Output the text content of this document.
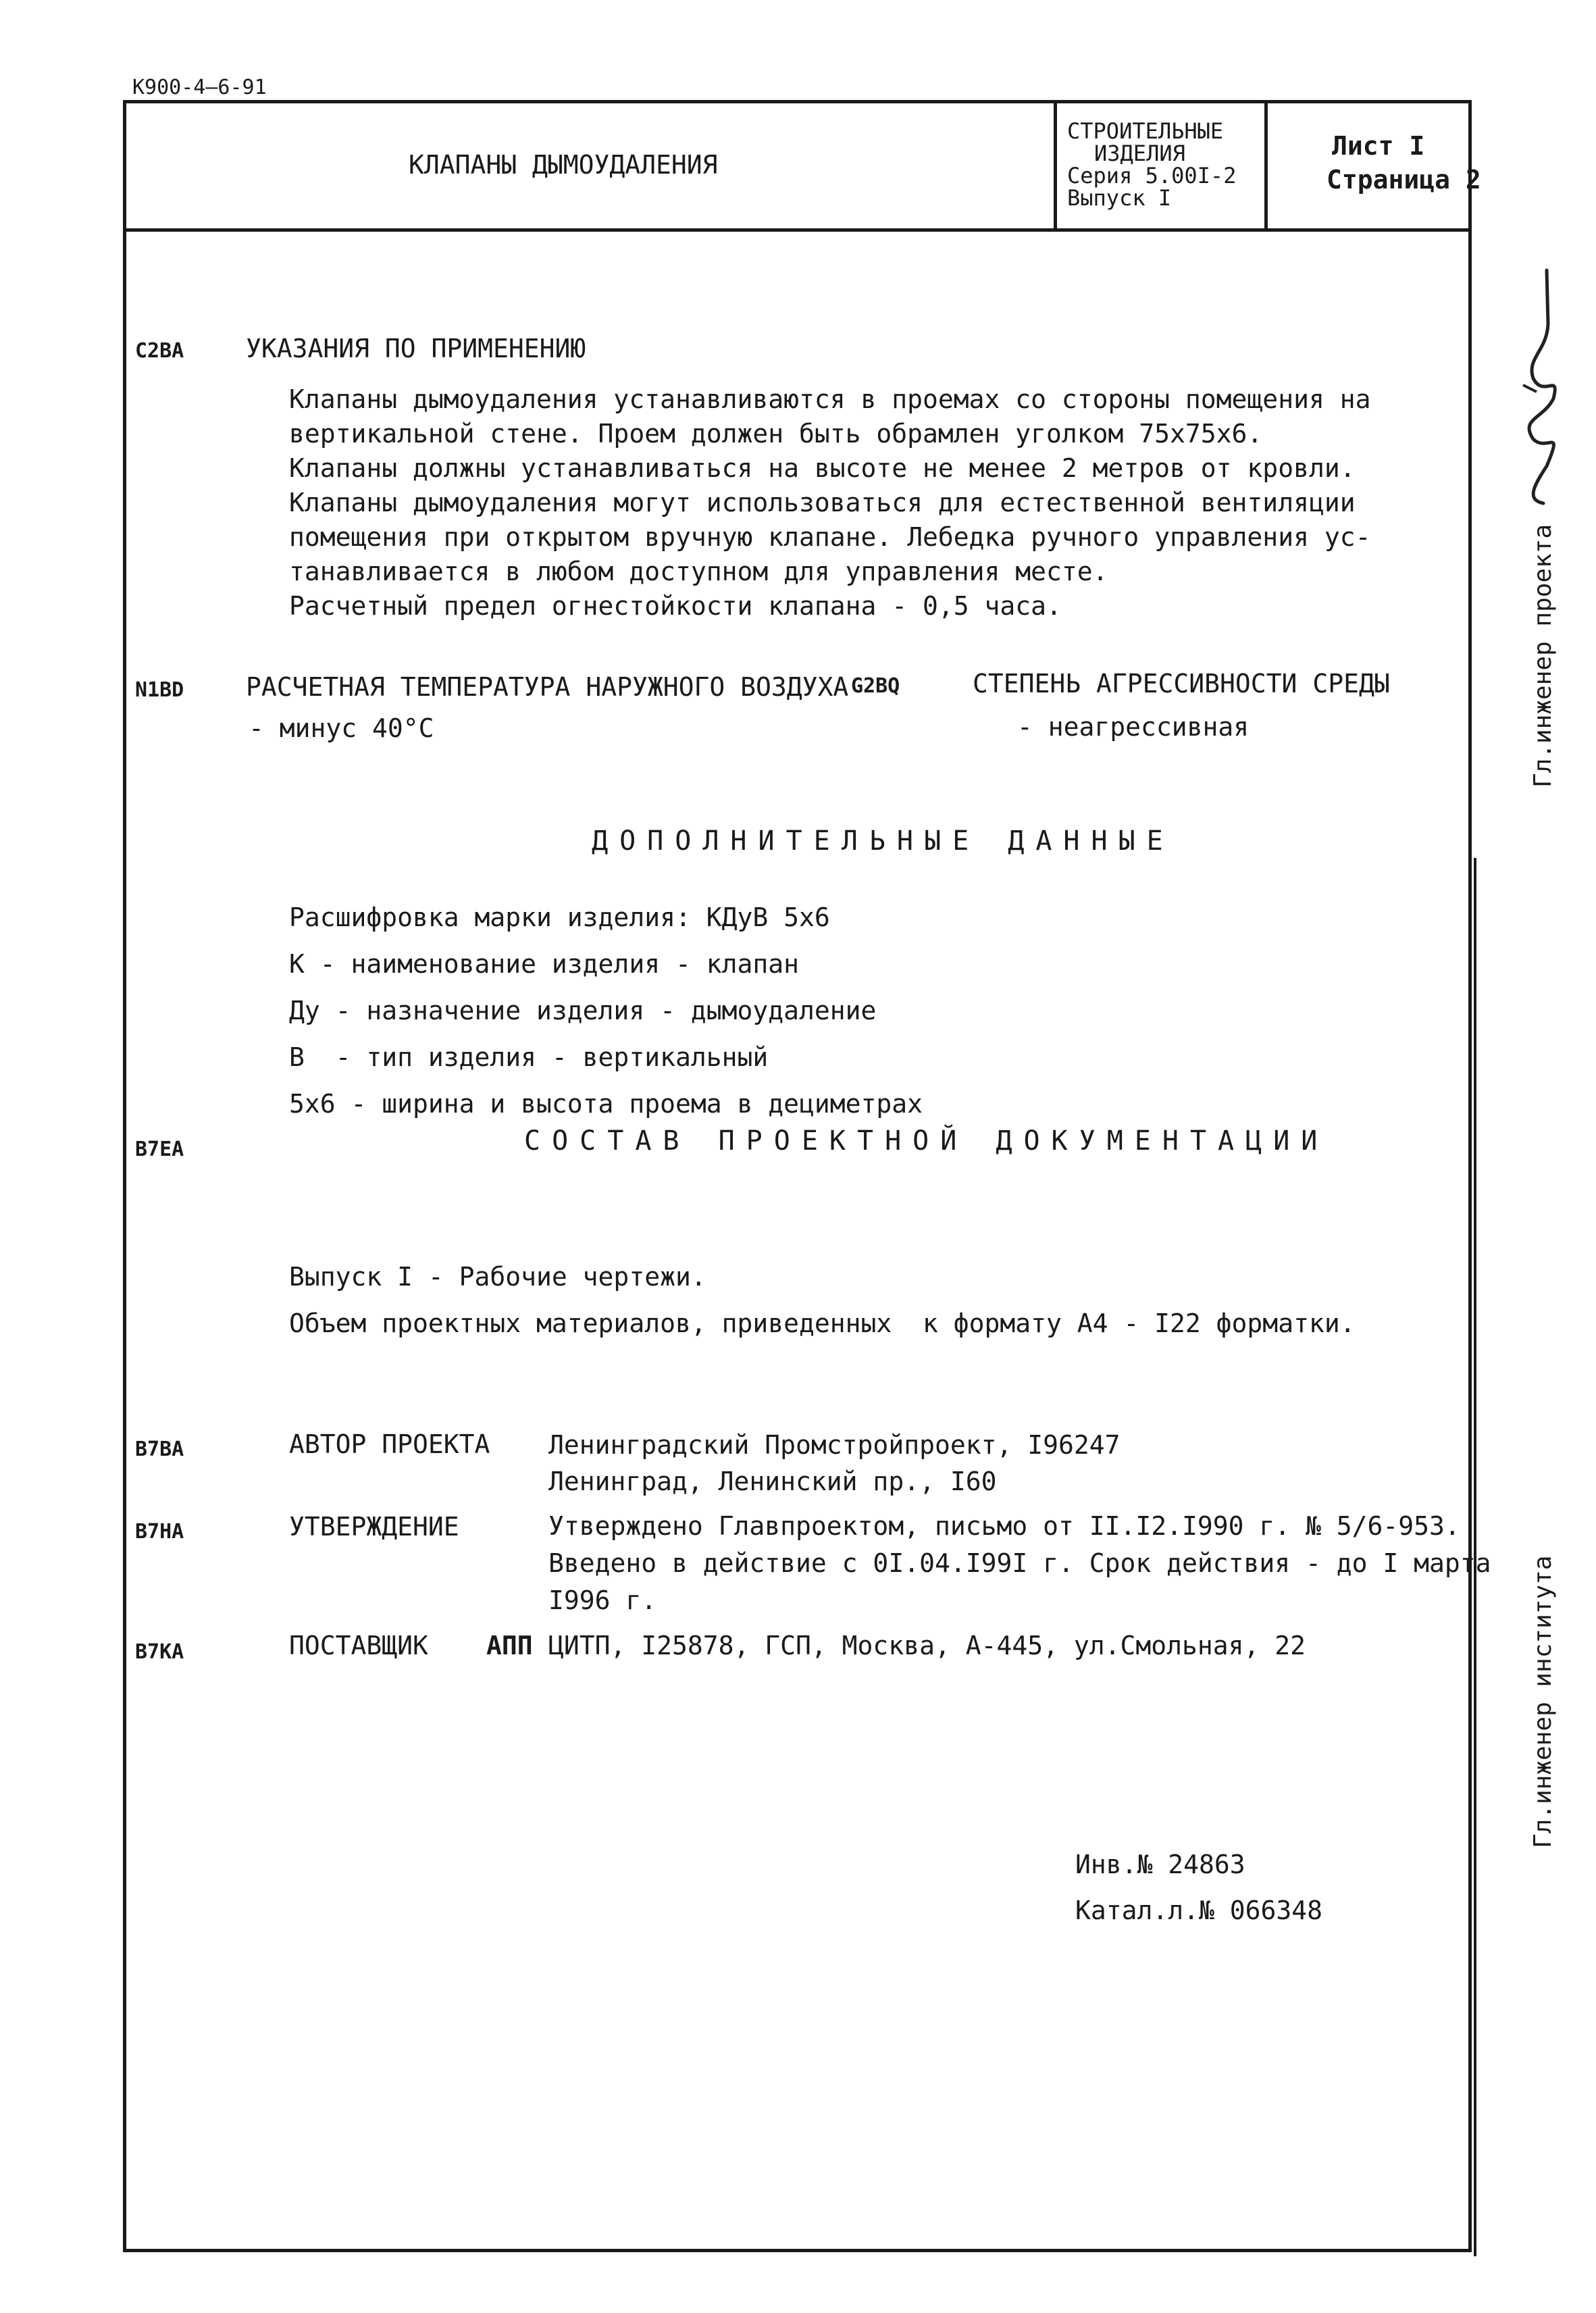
К900-4—6-91
КЛАПАНЫ ДЫМОУДАЛЕНИЯ
СТРОИТЕЛЬНЫЕ
ИЗДЕЛИЯ
Серия 5.00I-2
Выпуск I
Лист I
Страница 2
С2ВА УКАЗАНИЯ ПО ПРИМЕНЕНИЮ
Клапаны дымоудаления устанавливаются в проемах со стороны помещения на
вертикальной стене. Проем должен быть обрамлен уголком 75х75х6.
Клапаны должны устанавливаться на высоте не менее 2 метров от кровли.
Клапаны дымоудаления могут использоваться для естественной вентиляции
помещения при открытом вручную клапане. Лебедка ручного управления ус-
танавливается в любом доступном для управления месте.
Расчетный предел огнестойкости клапана - 0,5 часа.
N1BD РАСЧЕТНАЯ ТЕМПЕРАТУРА НАРУЖНОГО ВОЗДУХА
- минус 40°С
G2BQ	СТЕПЕНЬ АГРЕССИВНОСТИ СРЕДЫ
- неагрессивная
ДОПОЛНИТЕЛЬНЫЕ ДАННЫЕ
Расшифровка марки изделия: КДуВ 5х6
К - наименование изделия - клапан
Ду - назначение изделия - дымоудаление
В  - тип изделия - вертикальный
5х6 - ширина и высота проема в дециметрах
В7ЕА	СОСТАВ ПРОЕКТНОЙ ДОКУМЕНТАЦИИ
Выпуск I - Рабочие чертежи.
Объем проектных материалов, приведенных  к формату А4 - I22 форматки.
В7ВА	АВТОР ПРОЕКТА Ленинградский Промстройпроект, I96247
Ленинград, Ленинский пр., I60
В7НА	УТВЕРЖДЕНИЕ	Утверждено Главпроектом, письмо от II.I2.I990 г. № 5/6-953.
Введено в действие с 0I.04.I99I г. Срок действия - до I марта
I996 г.
В7КА	ПОСТАВЩИК АПП ЦИТП, I25878, ГСП, Москва, А-445, ул.Смольная, 22
Инв.№ 24863
Катал.л.№ 066348
Гл.инженер проекта
Гл.инженер института
